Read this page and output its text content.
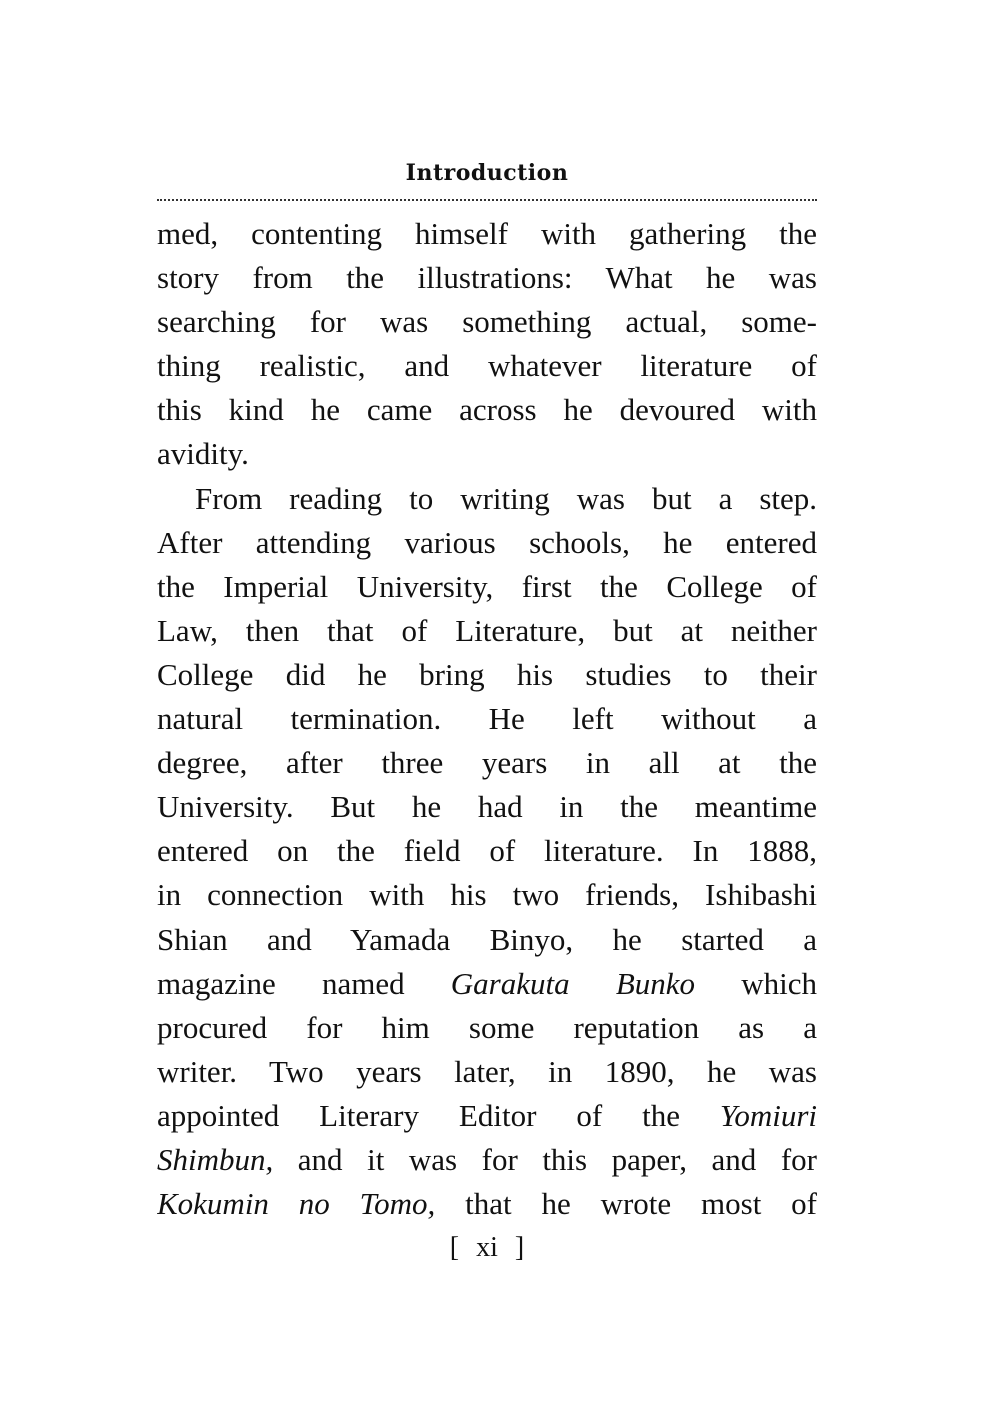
Introduction
med, contenting himself with gathering the
story from the illustrations: What he was
searching for was something actual, some-
thing realistic, and whatever literature of
this kind he came across he devoured with
avidity.
From reading to writing was but a step.
After attending various schools, he entered
the Imperial University, first the College of
Law, then that of Literature, but at neither
College did he bring his studies to their
natural termination. He left without a
degree, after three years in all at the
University. But he had in the meantime
entered on the field of literature. In 1888,
in connection with his two friends, Ishibashi
Shian and Yamada Binyo, he started a
magazine named Garakuta Bunko which
procured for him some reputation as a
writer. Two years later, in 1890, he was
appointed Literary Editor of the Yomiuri
Shimbun, and it was for this paper, and for
Kokumin no Tomo, that he wrote most of
[ xi ]
